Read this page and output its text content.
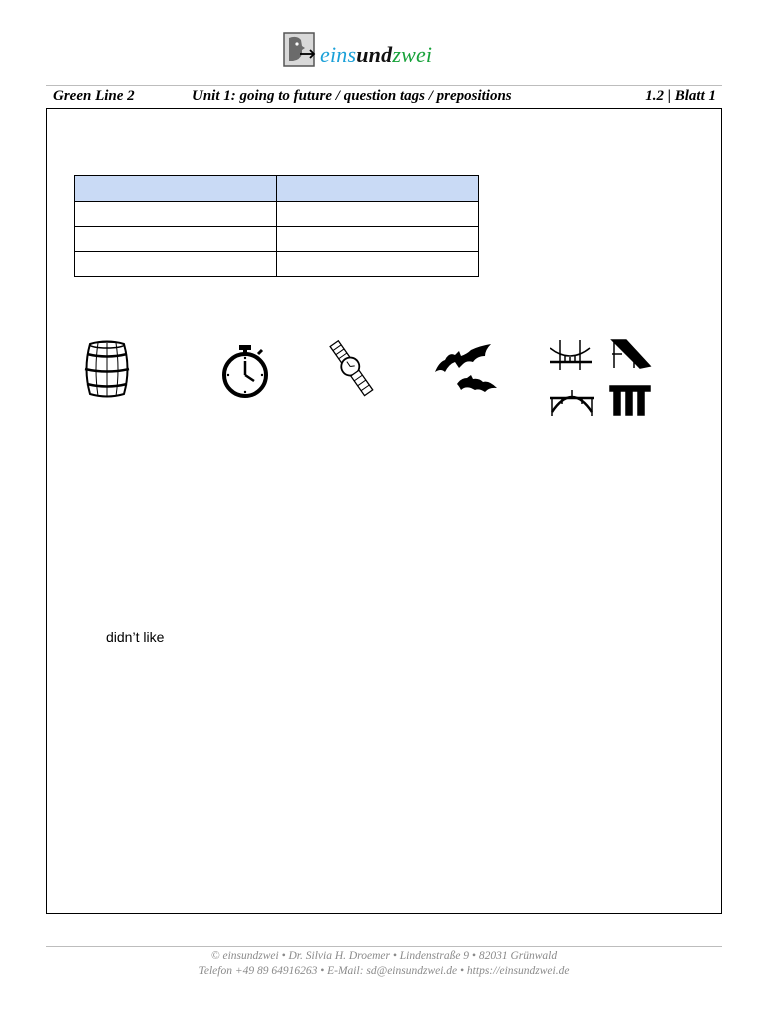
einsundzwei
Green Line 2	Unit 1: going to future / question tags / prepositions	1.2 | Blatt 1

didn’t like
© einsundzwei • Dr. Silvia H. Droemer • Lindenstraße 9 • 82031 Grünwald
Telefon +49 89 64916263 • E-Mail: sd@einsundzwei.de • https://einsundzwei.de
